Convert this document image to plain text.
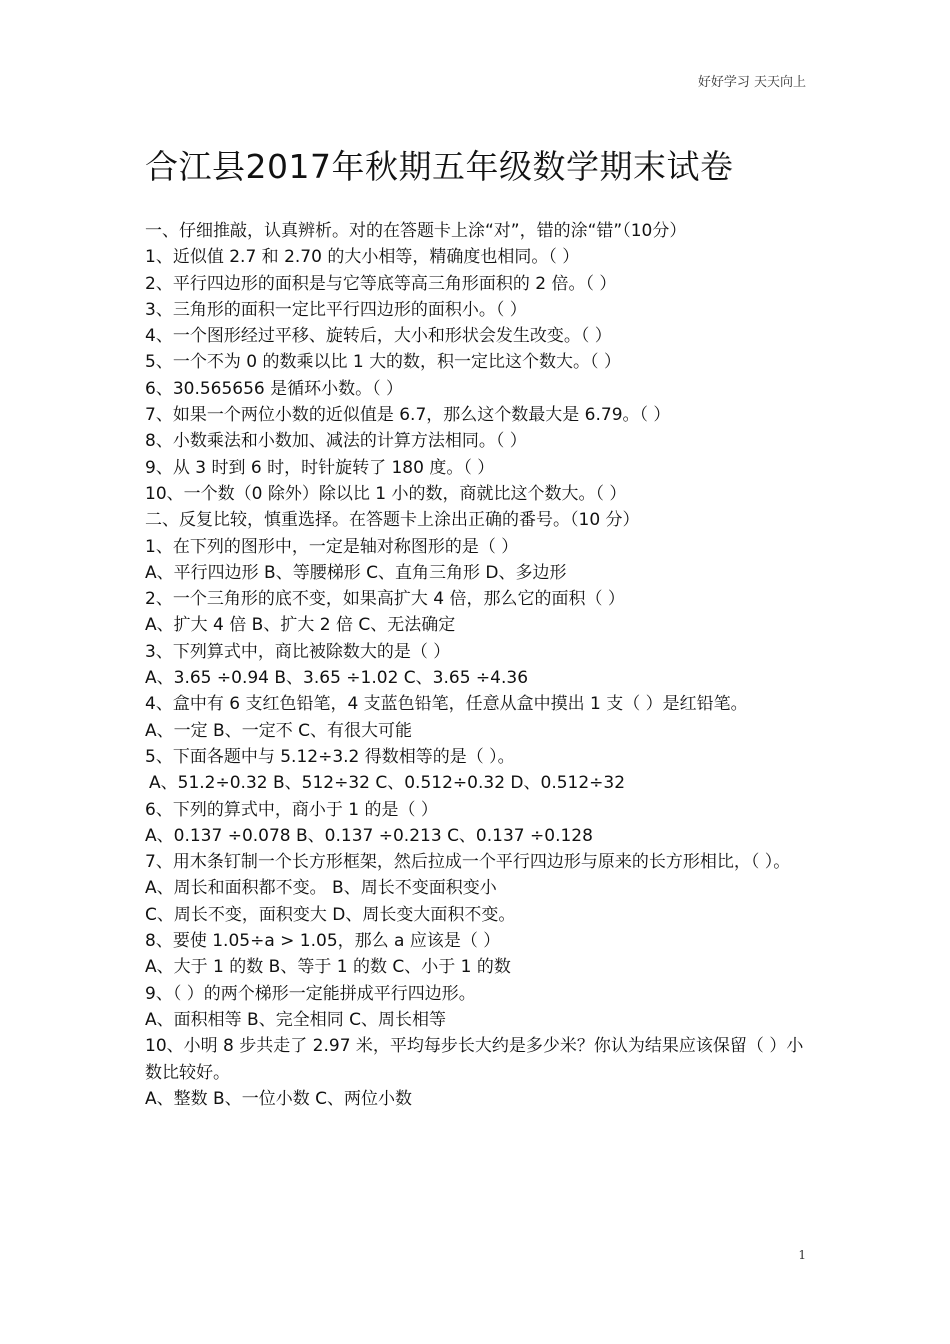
好好学习 天天向上
合江县2017年秋期五年级数学期末试卷
一、仔细推敲，认真辨析。对的在答题卡上涂“对”，错的涂“错”（10分）
1、近似值 2.7 和 2.70 的大小相等，精确度也相同。（ ）
2、平行四边形的面积是与它等底等高三角形面积的 2 倍。（ ）
3、三角形的面积一定比平行四边形的面积小。（ ）
4、一个图形经过平移、旋转后，大小和形状会发生改变。（ ）
5、一个不为 0 的数乘以比 1 大的数，积一定比这个数大。（ ）
6、30.565656 是循环小数。（ ）
7、如果一个两位小数的近似值是 6.7，那么这个数最大是 6.79。（ ）
8、小数乘法和小数加、减法的计算方法相同。（ ）
9、从 3 时到 6 时，时针旋转了 180 度。（ ）
10、一个数（0 除外）除以比 1 小的数，商就比这个数大。（ ）
二、反复比较，慎重选择。在答题卡上涂出正确的番号。（10 分）
1、在下列的图形中，一定是轴对称图形的是（ ）
A、平行四边形 B、等腰梯形 C、直角三角形 D、多边形
2、一个三角形的底不变，如果高扩大 4 倍，那么它的面积（ ）
A、扩大 4 倍 B、扩大 2 倍 C、无法确定
3、下列算式中，商比被除数大的是（ ）
A、3.65 ÷0.94 B、3.65 ÷1.02 C、3.65 ÷4.36
4、盒中有 6 支红色铅笔，4 支蓝色铅笔，任意从盒中摸出 1 支（ ）是红铅笔。
A、一定 B、一定不 C、有很大可能
5、下面各题中与 5.12÷3.2 得数相等的是（ ）。
A、51.2÷0.32 B、512÷32 C、0.512÷0.32 D、0.512÷32
6、下列的算式中，商小于 1 的是（ ）
A、0.137 ÷0.078 B、0.137 ÷0.213 C、0.137 ÷0.128
7、用木条钉制一个长方形框架，然后拉成一个平行四边形与原来的长方形相比，（ ）。
A、周长和面积都不变。 B、周长不变面积变小
C、周长不变，面积变大 D、周长变大面积不变。
8、要使 1.05÷a > 1.05，那么 a 应该是（ ）
A、大于 1 的数 B、等于 1 的数 C、小于 1 的数
9、（ ）的两个梯形一定能拼成平行四边形。
A、面积相等 B、完全相同 C、周长相等
10、小明 8 步共走了 2.97 米，平均每步长大约是多少米？你认为结果应该保留（ ）小数比较好。
A、整数 B、一位小数 C、两位小数
1
